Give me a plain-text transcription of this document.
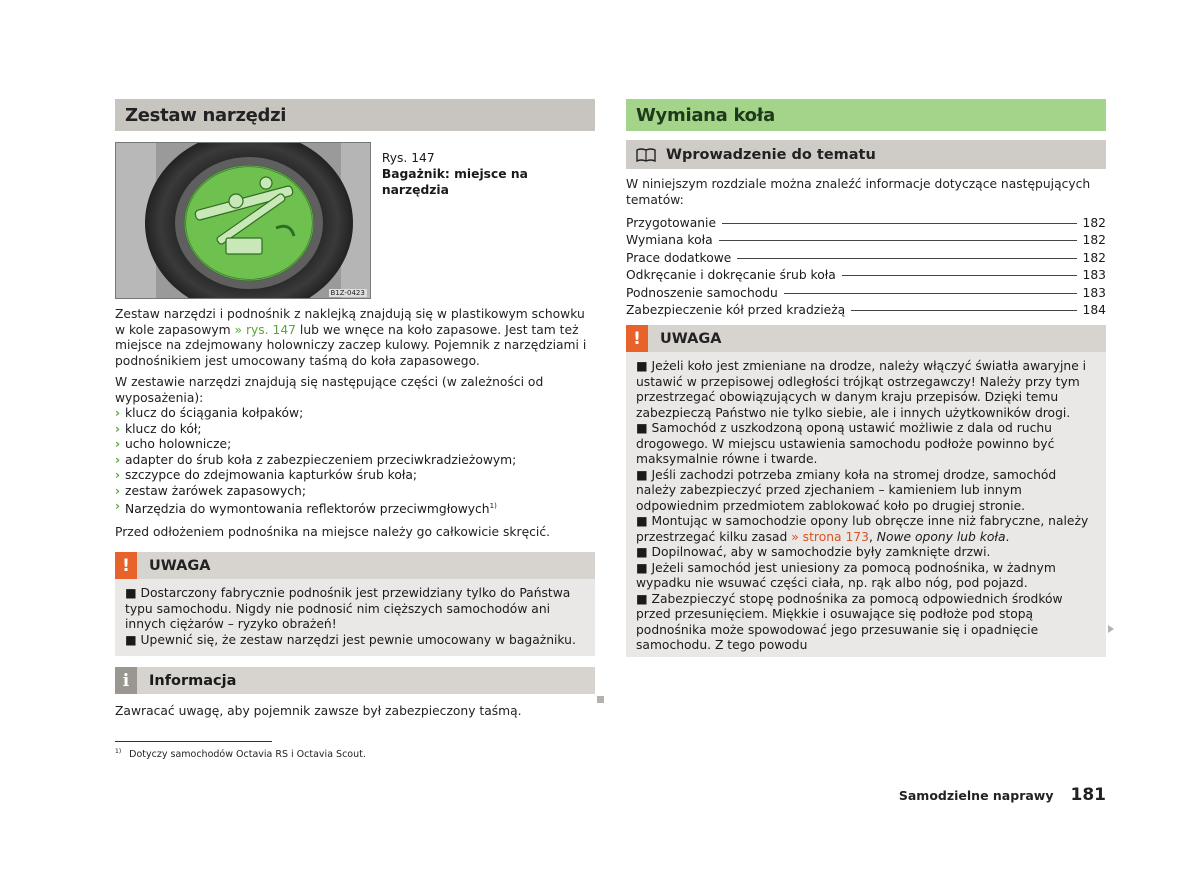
Zestaw narzędzi
B1Z-0423
Rys. 147
Bagażnik: miejsce na narzędzia

Zestaw narzędzi i podnośnik z naklejką znajdują się w plastikowym schowku w kole zapasowym » rys. 147 lub we wnęce na koło zapasowe. Jest tam też miejsce na zdejmowany holowniczy zaczep kulowy. Pojemnik z narzędziami i podnośnikiem jest umocowany taśmą do koła zapasowego.

W zestawie narzędzi znajdują się następujące części (w zależności od wyposażenia):

› klucz do ściągania kołpaków;
› klucz do kół;
› ucho holownicze;
› adapter do śrub koła z zabezpieczeniem przeciwkradzieżowym;
› szczypce do zdejmowania kapturków śrub koła;
› zestaw żarówek zapasowych;
› Narzędzia do wymontowania reflektorów przeciwmgłowych$^{1)}$

Przed odłożeniem podnośnika na miejsce należy go całkowicie skręcić.

!	UWAGA
■ Dostarczony fabrycznie podnośnik jest przewidziany tylko do Państwa typu samochodu. Nigdy nie podnosić nim cięższych samochodów ani innych ciężarów – ryzyko obrażeń!
■ Upewnić się, że zestaw narzędzi jest pewnie umocowany w bagażniku.
i	Informacja

Zawracać uwagę, aby pojemnik zawsze był zabezpieczony taśmą.

Wymiana koła
Wprowadzenie do tematu

W niniejszym rozdziale można znaleźć informacje dotyczące następujących tematów:

Przygotowanie	182
Wymiana koła	182
Prace dodatkowe	182
Odkręcanie i dokręcanie śrub koła	183
Podnoszenie samochodu	183
Zabezpieczenie kół przed kradzieżą	184
!	UWAGA
■ Jeżeli koło jest zmieniane na drodze, należy włączyć światła awaryjne i ustawić w przepisowej odległości trójkąt ostrzegawczy! Należy przy tym przestrzegać obowiązujących w danym kraju przepisów. Dzięki temu zabezpieczą Państwo nie tylko siebie, ale i innych użytkowników drogi.
■ Samochód z uszkodzoną oponą ustawić możliwie z dala od ruchu drogowego. W miejscu ustawienia samochodu podłoże powinno być maksymalnie równe i twarde.
■ Jeśli zachodzi potrzeba zmiany koła na stromej drodze, samochód należy zabezpieczyć przed zjechaniem – kamieniem lub innym odpowiednim przedmiotem zablokować koło po drugiej stronie.
■ Montując w samochodzie opony lub obręcze inne niż fabryczne, należy przestrzegać kilku zasad » strona 173, Nowe opony lub koła.
■ Dopilnować, aby w samochodzie były zamknięte drzwi.
■ Jeżeli samochód jest uniesiony za pomocą podnośnika, w żadnym wypadku nie wsuwać części ciała, np. rąk albo nóg, pod pojazd.
■ Zabezpieczyć stopę podnośnika za pomocą odpowiednich środków przed przesunięciem. Miękkie i osuwające się podłoże pod stopą podnośnika może spowodować jego przesuwanie się i opadnięcie samochodu. Z tego powodu
$^{1)}$ Dotyczy samochodów Octavia RS i Octavia Scout.
Samodzielne naprawy 181
